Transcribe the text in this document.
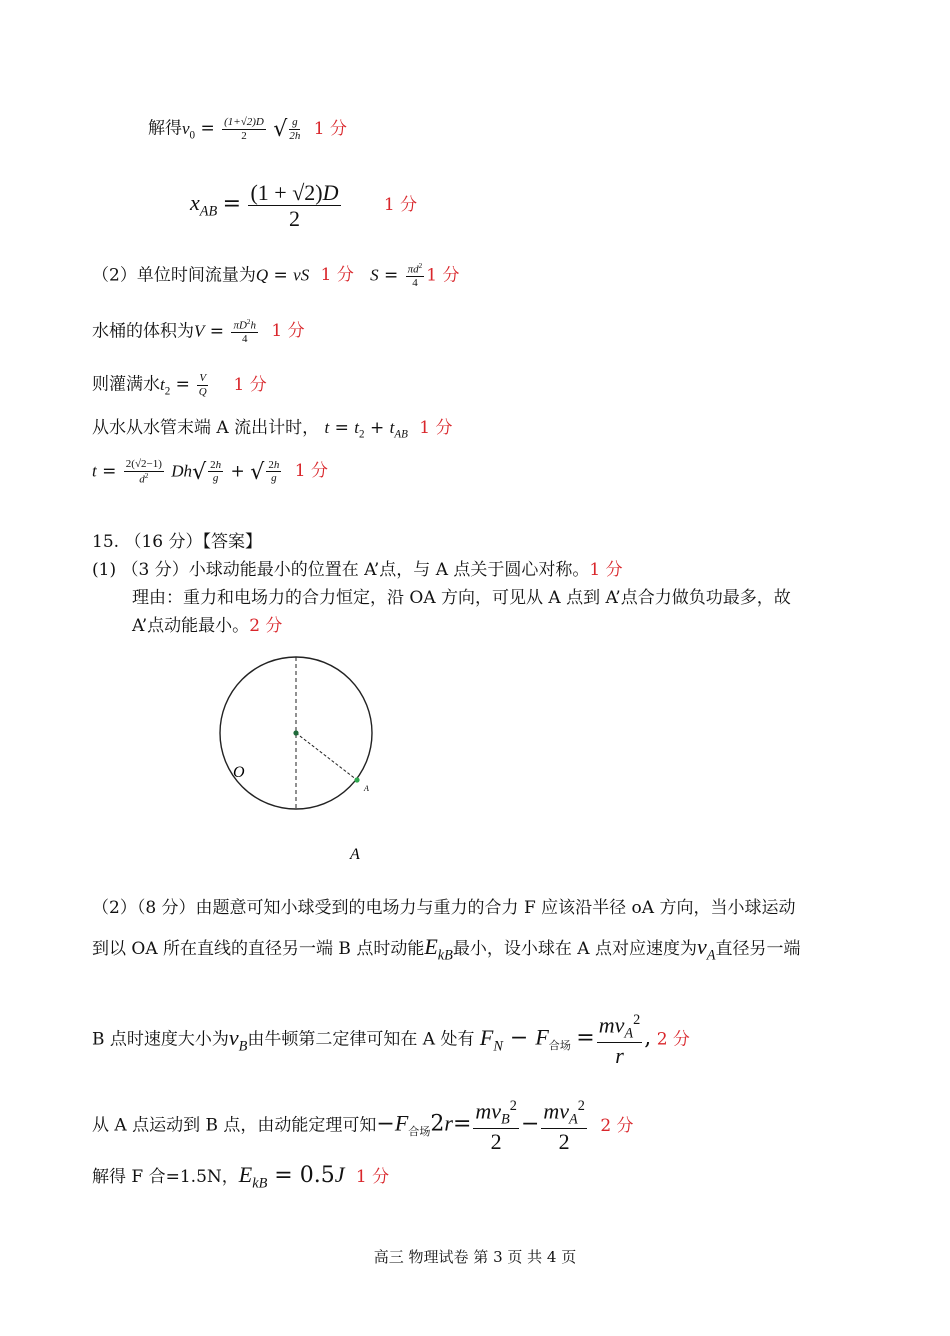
解得$v_0 = \frac{(1+√2)D}{2}$ √ $\frac{g}{2h} 1$ 分
$x_{AB} = \frac{(1 + √2)D}{2}$	1 分
（2）单位时间流量为Q = vS 1 分 $S = \frac{\pi d^2}{4} 1$ 分
水桶的体积为$V = \frac{\pi D^2h}{4} 1$ 分
则灌满水$t_2 = \frac{V}{Q} 1$ 分
从水从水管末端 A 流出计时， $t = t_2 + t_{AB}$ 1 分
$t = \frac{2(√2-1)}{d^2} Dh√ \frac{2h}{g}$ + √ $\frac{2h}{g} 1$ 分
15. （16 分）【答案】
(1) （3 分）小球动能最小的位置在 A’点，与 A 点关于圆心对称。1 分
理由：重力和电场力的合力恒定，沿 OA 方向，可见从 A 点到 A’点合力做负功最多，故
A’点动能最小。2 分
O
A
A
（2）（8 分）由题意可知小球受到的电场力与重力的合力 F 应该沿半径 oA 方向，当小球运动
到以 OA 所在直线的直径另一端 B 点时动能$E_{kB}$最小，设小球在 A 点对应速度为$v_A$直径另一端
B 点时速度大小为$v_B$由牛顿第二定律可知在 A 处有 $F_N - F_{合场} = \frac{mv_A^2}{r}$ , 2 分
从 A 点运动到 B 点，由动能定理可知$-F_{合场}2r= \frac{mv_B^2}{2} - \frac{mv_A^2}{2} 2$ 分
解得 F 合=1.5N，$E_{kB} = 0.5J$ 1 分
高三 物理试卷 第 3 页 共 4 页
